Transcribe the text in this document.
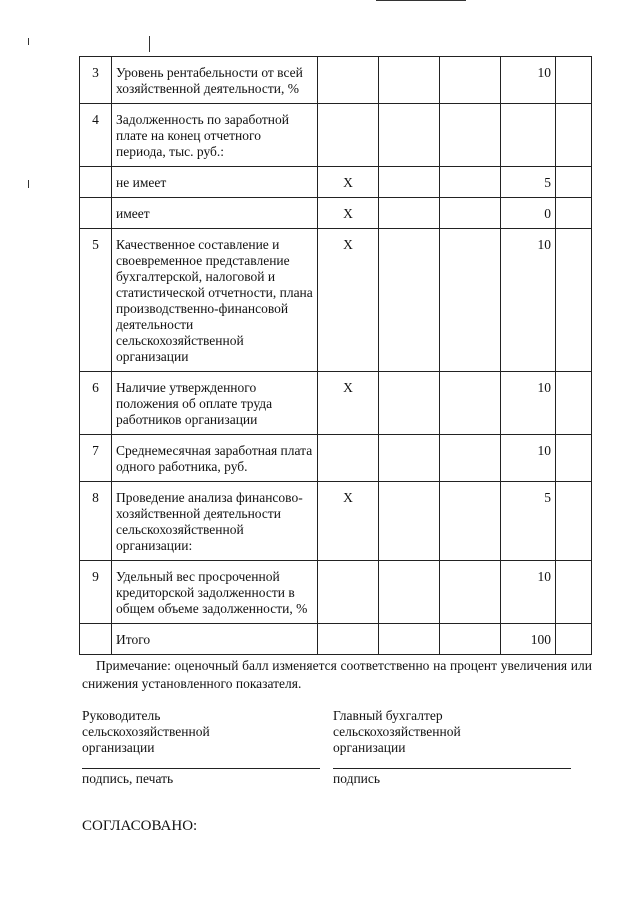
3	Уровень рентабельности от всей хозяйственной деятельности, %				10	
4	Задолженность по заработной плате на конец отчетного периода, тыс. руб.:					
	не имеет	X			5	
	имеет	X			0	
5	Качественное составление и своевременное представление бухгалтерской, налоговой и статистической отчетности, плана производственно-финансовой деятельности сельскохозяйственной организации	X			10	
6	Наличие утвержденного положения об оплате труда работников организации	X			10	
7	Среднемесячная заработная плата одного работника, руб.				10	
8	Проведение анализа финансово-хозяйственной деятельности сельскохозяйственной организации:	X			5	
9	Удельный вес просроченной кредиторской задолженности в общем объеме задолженности, %				10	
	Итого				100	
Примечание: оценочный балл изменяется соответственно на процент увеличения или снижения установленного показателя.
Руководитель сельскохозяйственной организации
подпись, печать
Главный бухгалтер сельскохозяйственной организации
подпись
СОГЛАСОВАНО:
